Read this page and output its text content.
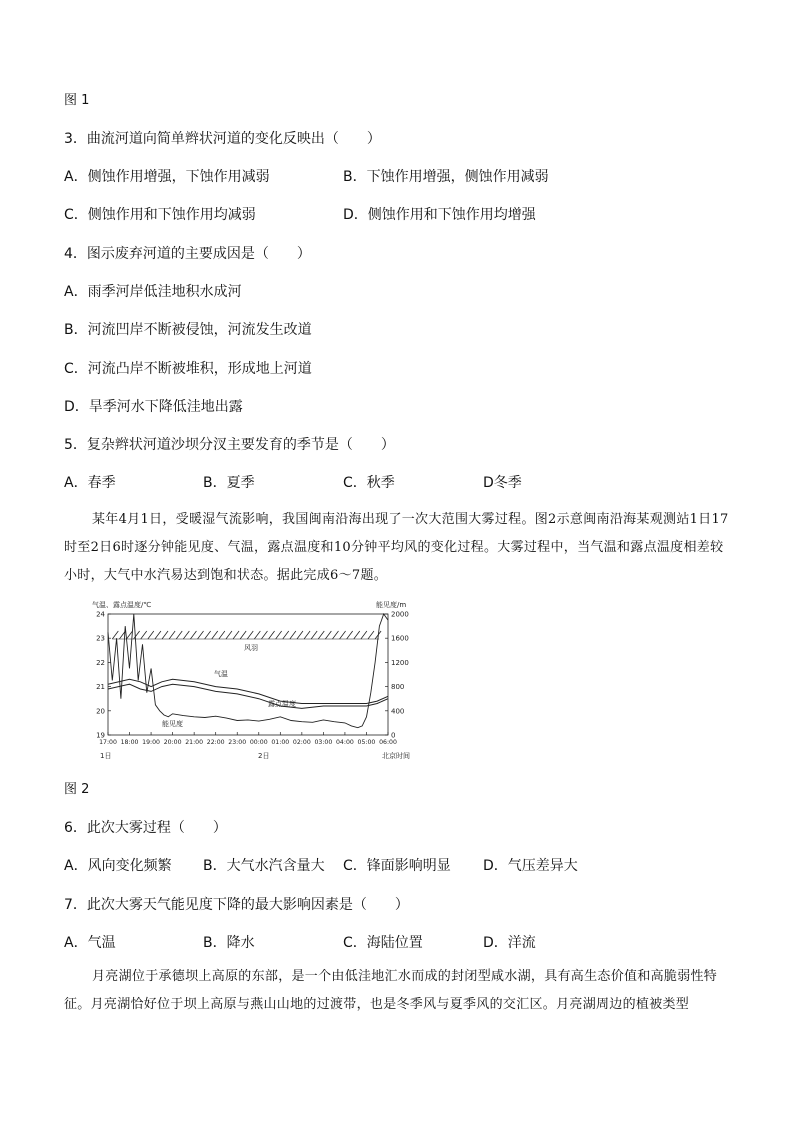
图 1
3．曲流河道向简单辫状河道的变化反映出（　　）
A．侧蚀作用增强，下蚀作用减弱	B．下蚀作用增强，侧蚀作用减弱
C．侧蚀作用和下蚀作用均减弱	D．侧蚀作用和下蚀作用均增强
4．图示废弃河道的主要成因是（　　）
A．雨季河岸低洼地积水成河
B．河流凹岸不断被侵蚀，河流发生改道
C．河流凸岸不断被堆积，形成地上河道
D．旱季河水下降低洼地出露
5．复杂辫状河道沙坝分汊主要发育的季节是（　　）
A．春季	B．夏季	C．秋季	D冬季
某年4月1日，受暖湿气流影响，我国闽南沿海出现了一次大范围大雾过程。图2示意闽南沿海某观测站1日17时至2日6时逐分钟能见度、气温，露点温度和10分钟平均风的变化过程。大雾过程中，当气温和露点温度相差较小时，大气中水汽易达到饱和状态。据此完成6～7题。
气温、露点温度/℃	能见度/m
19
20
21
22
23
24
0
400
800
1200
1600
2000
17:00 18:00 19:00 20:00 21:00 22:00 23:00 00:00 01:00 02:00 03:00 04:00 05:00 06:00
风羽
气温
露点温度
能见度
1日	2日	北京时间
图 2
6．此次大雾过程（　　）
A．风向变化频繁 B．大气水汽含量大 C．锋面影响明显 D．气压差异大
7．此次大雾天气能见度下降的最大影响因素是（　　）
A．气温	B．降水	C．海陆位置	D．洋流
月亮湖位于承德坝上高原的东部，是一个由低洼地汇水而成的封闭型咸水湖，具有高生态价值和高脆弱性特征。月亮湖恰好位于坝上高原与燕山山地的过渡带，也是冬季风与夏季风的交汇区。月亮湖周边的植被类型
